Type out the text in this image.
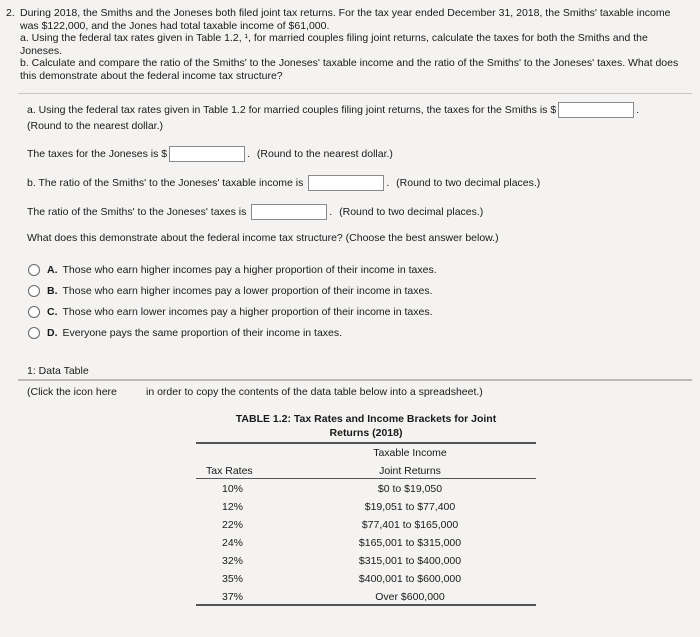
2. During 2018, the Smiths and the Joneses both filed joint tax returns. For the tax year ended December 31, 2018, the Smiths' taxable income was $122,000, and the Jones had total taxable income of $61,000.
a. Using the federal tax rates given in Table 1.2, ¹, for married couples filing joint returns, calculate the taxes for both the Smiths and the Joneses.
b. Calculate and compare the ratio of the Smiths' to the Joneses' taxable income and the ratio of the Smiths' to the Joneses' taxes. What does this demonstrate about the federal income tax structure?
a. Using the federal tax rates given in Table 1.2 for married couples filing joint returns, the taxes for the Smiths is $	.
(Round to the nearest dollar.)
The taxes for the Joneses is $	. (Round to the nearest dollar.)
b. The ratio of the Smiths' to the Joneses' taxable income is	. (Round to two decimal places.)
The ratio of the Smiths' to the Joneses' taxes is	. (Round to two decimal places.)
What does this demonstrate about the federal income tax structure? (Choose the best answer below.)
A. Those who earn higher incomes pay a higher proportion of their income in taxes.
B. Those who earn higher incomes pay a lower proportion of their income in taxes.
C. Those who earn lower incomes pay a higher proportion of their income in taxes.
D. Everyone pays the same proportion of their income in taxes.
1: Data Table
(Click the icon here	in order to copy the contents of the data table below into a spreadsheet.)
TABLE 1.2: Tax Rates and Income Brackets for Joint
Returns (2018)
Taxable Income
Tax Rates	Joint Returns
10%	$0 to $19,050
12%	$19,051 to $77,400
22%	$77,401 to $165,000
24%	$165,001 to $315,000
32%	$315,001 to $400,000
35%	$400,001 to $600,000
37%	Over $600,000
